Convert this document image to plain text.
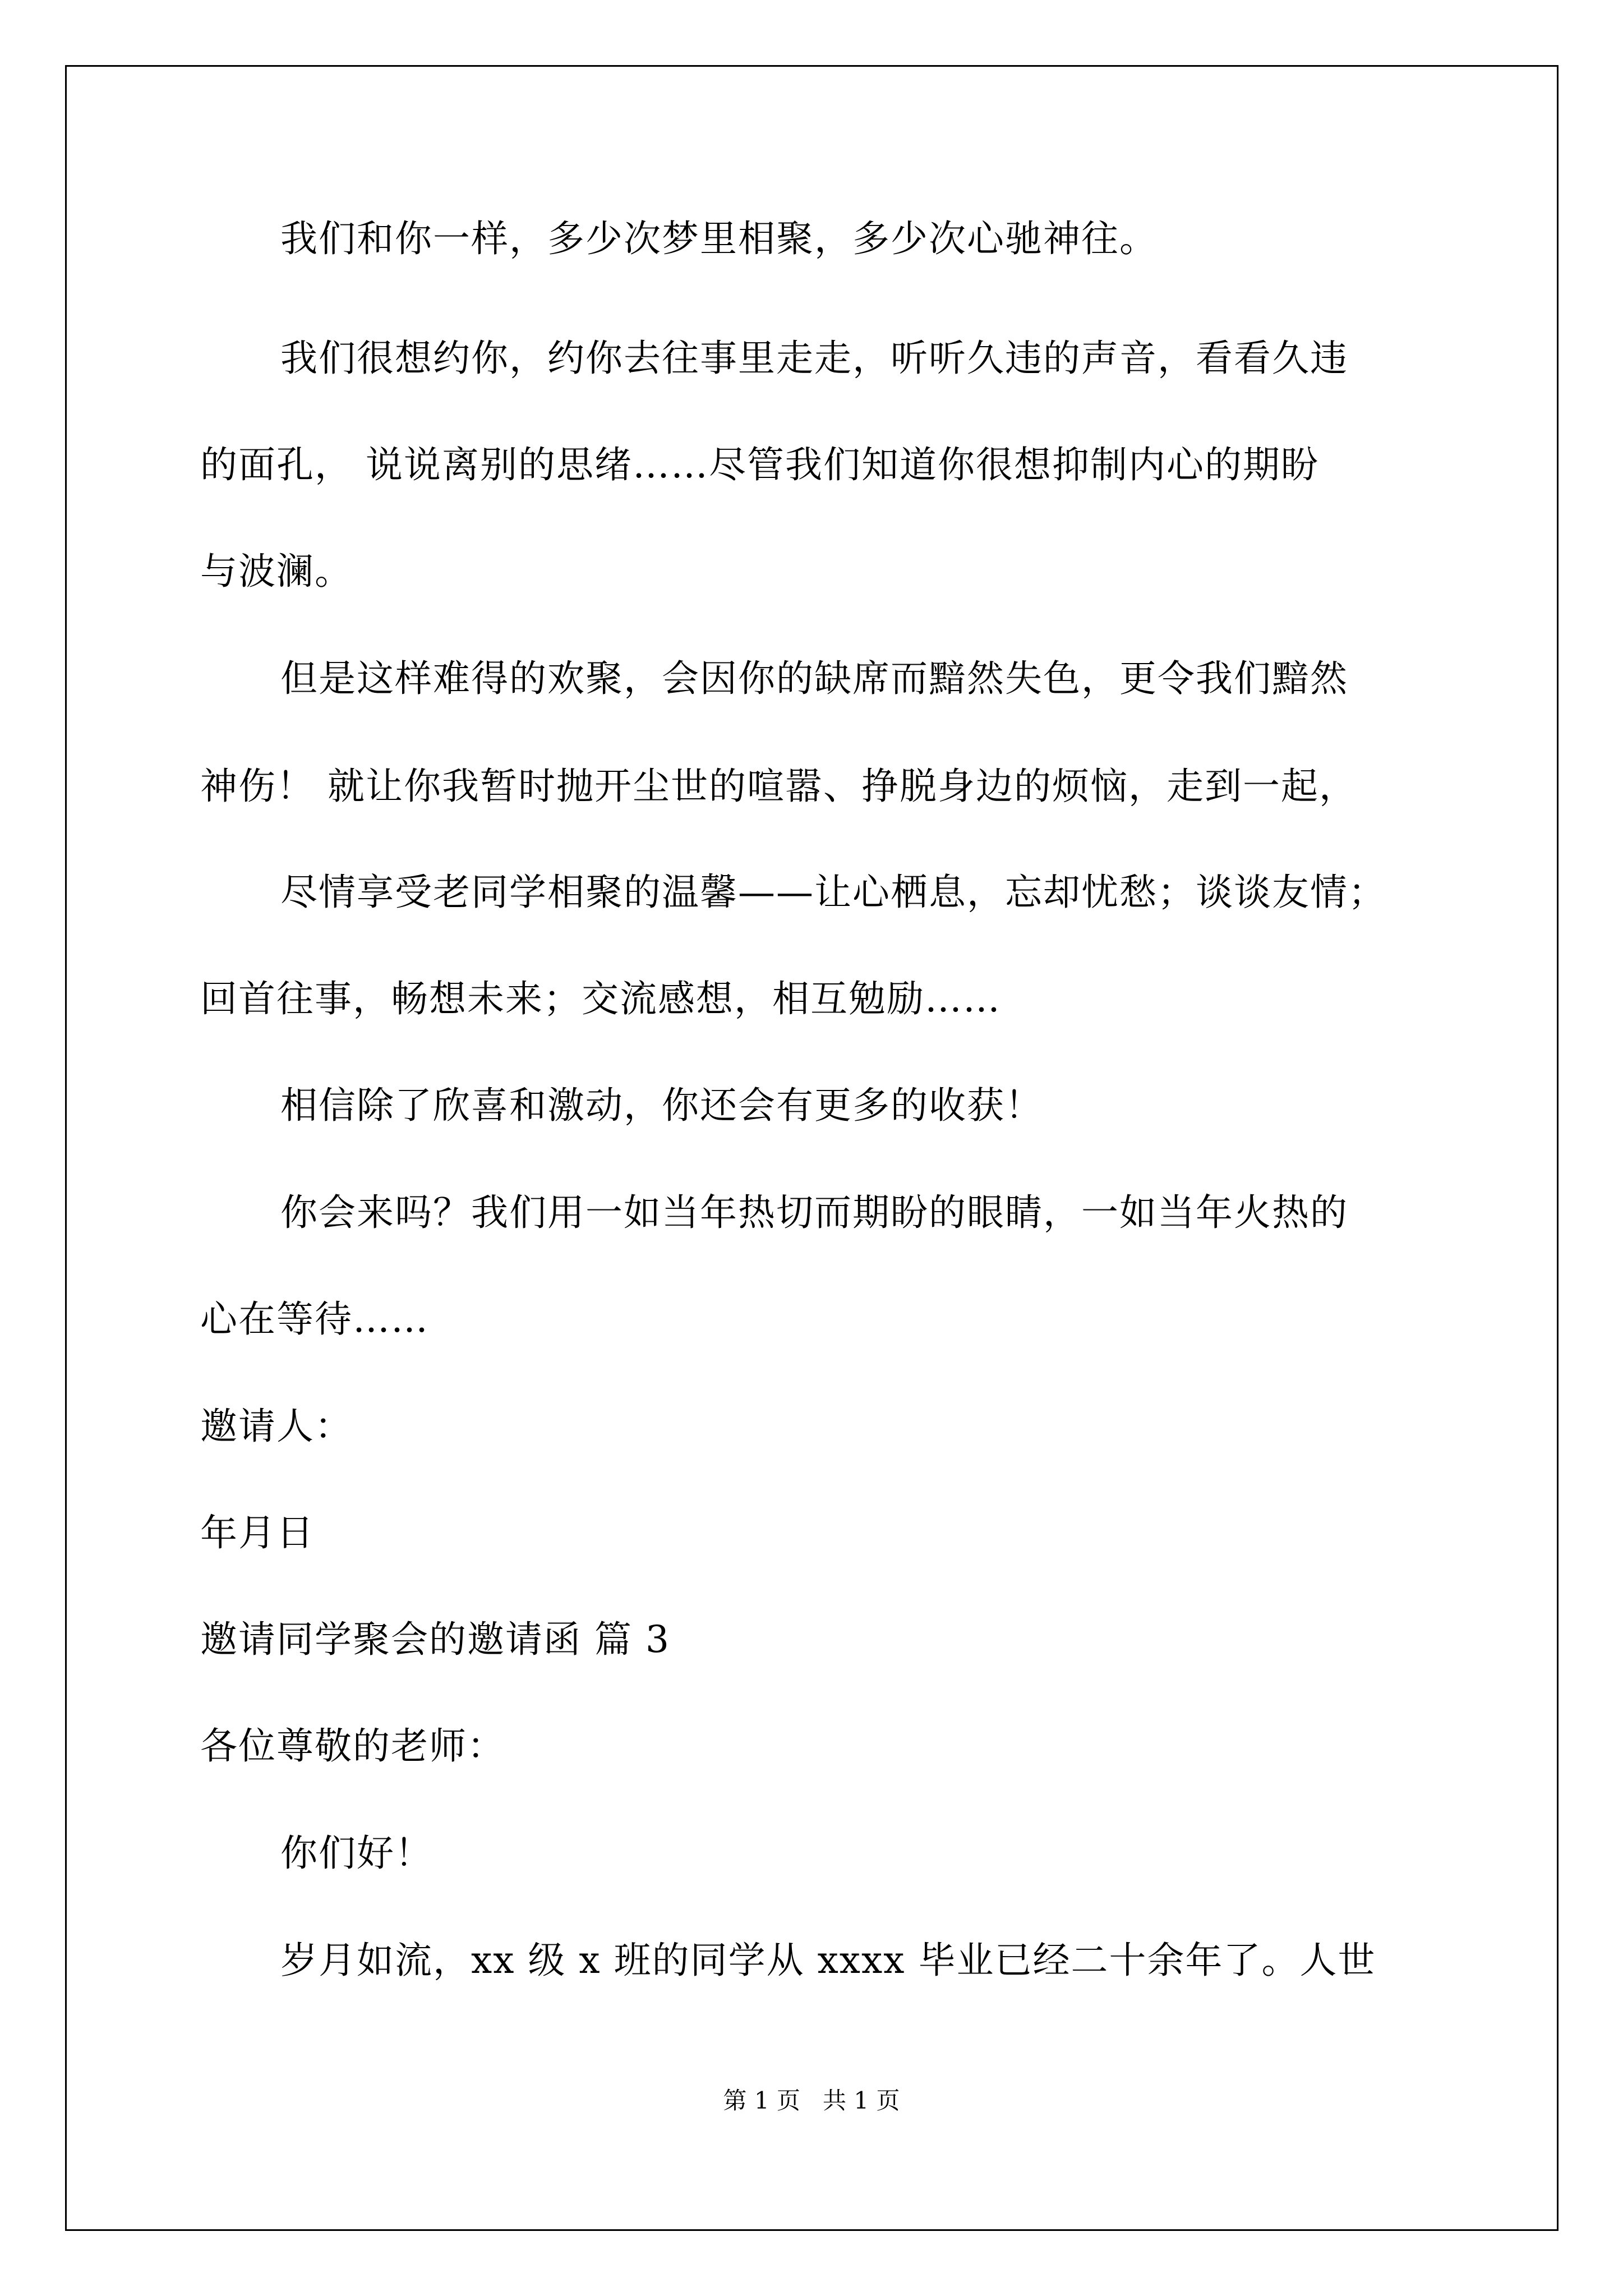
我们和你一样，多少次梦里相聚，多少次心驰神往。
我们很想约你，约你去往事里走走，听听久违的声音，看看久违
的面孔， 说说离别的思绪……尽管我们知道你很想抑制内心的期盼
与波澜。
但是这样难得的欢聚，会因你的缺席而黯然失色，更令我们黯然
神伤！ 就让你我暂时抛开尘世的喧嚣、挣脱身边的烦恼，走到一起，
尽情享受老同学相聚的温馨——让心栖息，忘却忧愁；谈谈友情；
回首往事，畅想未来；交流感想，相互勉励……
相信除了欣喜和激动，你还会有更多的收获！
你会来吗？我们用一如当年热切而期盼的眼睛，一如当年火热的
心在等待……
邀请人：
年月日
邀请同学聚会的邀请函 篇 3
各位尊敬的老师：
你们好！
岁月如流，xx 级 x 班的同学从 xxxx 毕业已经二十余年了。人世
第 1 页   共 1 页
